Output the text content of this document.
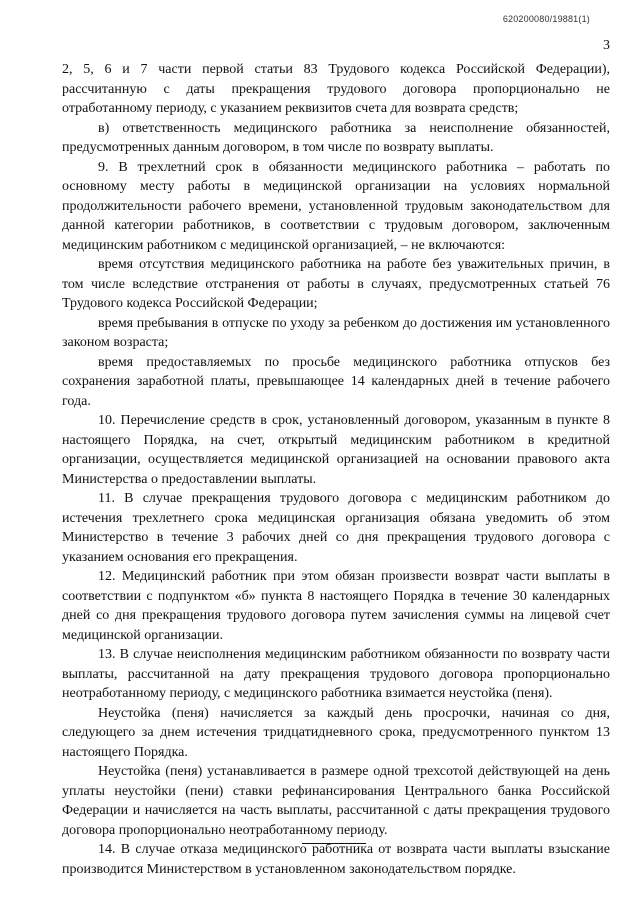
620200080/19881(1)
3

2, 5, 6 и 7 части первой статьи 83 Трудового кодекса Российской Федерации), рассчитанную с даты прекращения трудового договора пропорционально не отработанному периоду, с указанием реквизитов счета для возврата средств;

в) ответственность медицинского работника за неисполнение обязанностей, предусмотренных данным договором, в том числе по возврату выплаты.

9. В трехлетний срок в обязанности медицинского работника – работать по основному месту работы в медицинской организации на условиях нормальной продолжительности рабочего времени, установленной трудовым законодательством для данной категории работников, в соответствии с трудовым договором, заключенным медицинским работником с медицинской организацией, – не включаются:

время отсутствия медицинского работника на работе без уважительных причин, в том числе вследствие отстранения от работы в случаях, предусмотренных статьей 76 Трудового кодекса Российской Федерации;

время пребывания в отпуске по уходу за ребенком до достижения им установленного законом возраста;

время предоставляемых по просьбе медицинского работника отпусков без сохранения заработной платы, превышающее 14 календарных дней в течение рабочего года.

10. Перечисление средств в срок, установленный договором, указанным в пункте 8 настоящего Порядка, на счет, открытый медицинским работником в кредитной организации, осуществляется медицинской организацией на основании правового акта Министерства о предоставлении выплаты.

11. В случае прекращения трудового договора с медицинским работником до истечения трехлетнего срока медицинская организация обязана уведомить об этом Министерство в течение 3 рабочих дней со дня прекращения трудового договора с указанием основания его прекращения.

12. Медицинский работник при этом обязан произвести возврат части выплаты в соответствии с подпунктом «б» пункта 8 настоящего Порядка в течение 30 календарных дней со дня прекращения трудового договора путем зачисления суммы на лицевой счет медицинской организации.

13. В случае неисполнения медицинским работником обязанности по возврату части выплаты, рассчитанной на дату прекращения трудового договора пропорционально неотработанному периоду, с медицинского работника взимается неустойка (пеня).

Неустойка (пеня) начисляется за каждый день просрочки, начиная со дня, следующего за днем истечения тридцатидневного срока, предусмотренного пунктом 13 настоящего Порядка.

Неустойка (пеня) устанавливается в размере одной трехсотой действующей на день уплаты неустойки (пени) ставки рефинансирования Центрального банка Российской Федерации и начисляется на часть выплаты, рассчитанной с даты прекращения трудового договора пропорционально неотработанному периоду.

14. В случае отказа медицинского работника от возврата части выплаты взыскание производится Министерством в установленном законодательством порядке.
